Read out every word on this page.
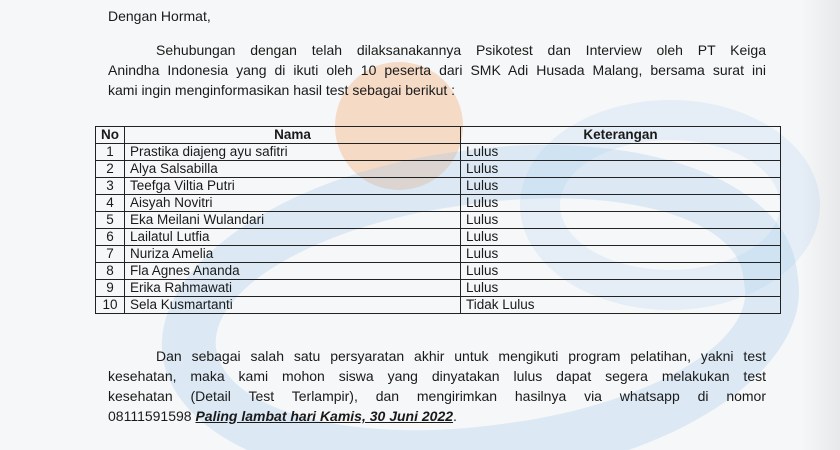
Dengan Hormat,
Sehubungan dengan telah dilaksanakannya Psikotest dan Interview oleh PT Keiga
Anindha Indonesia yang di ikuti oleh 10 peserta dari SMK Adi Husada Malang, bersama surat ini
kami ingin menginformasikan hasil test sebagai berikut :
No	Nama	Keterangan
1	Prastika diajeng ayu safitri	Lulus
2	Alya Salsabilla	Lulus
3	Teefga Viltia Putri	Lulus
4	Aisyah Novitri	Lulus
5	Eka Meilani Wulandari	Lulus
6	Lailatul Lutfia	Lulus
7	Nuriza Amelia	Lulus
8	Fla Agnes Ananda	Lulus
9	Erika Rahmawati	Lulus
10	Sela Kusmartanti	Tidak Lulus
Dan sebagai salah satu persyaratan akhir untuk mengikuti program pelatihan, yakni test
kesehatan, maka kami mohon siswa yang dinyatakan lulus dapat segera melakukan test
kesehatan (Detail Test Terlampir), dan mengirimkan hasilnya via whatsapp di nomor
08111591598 Paling lambat hari Kamis, 30 Juni 2022.
